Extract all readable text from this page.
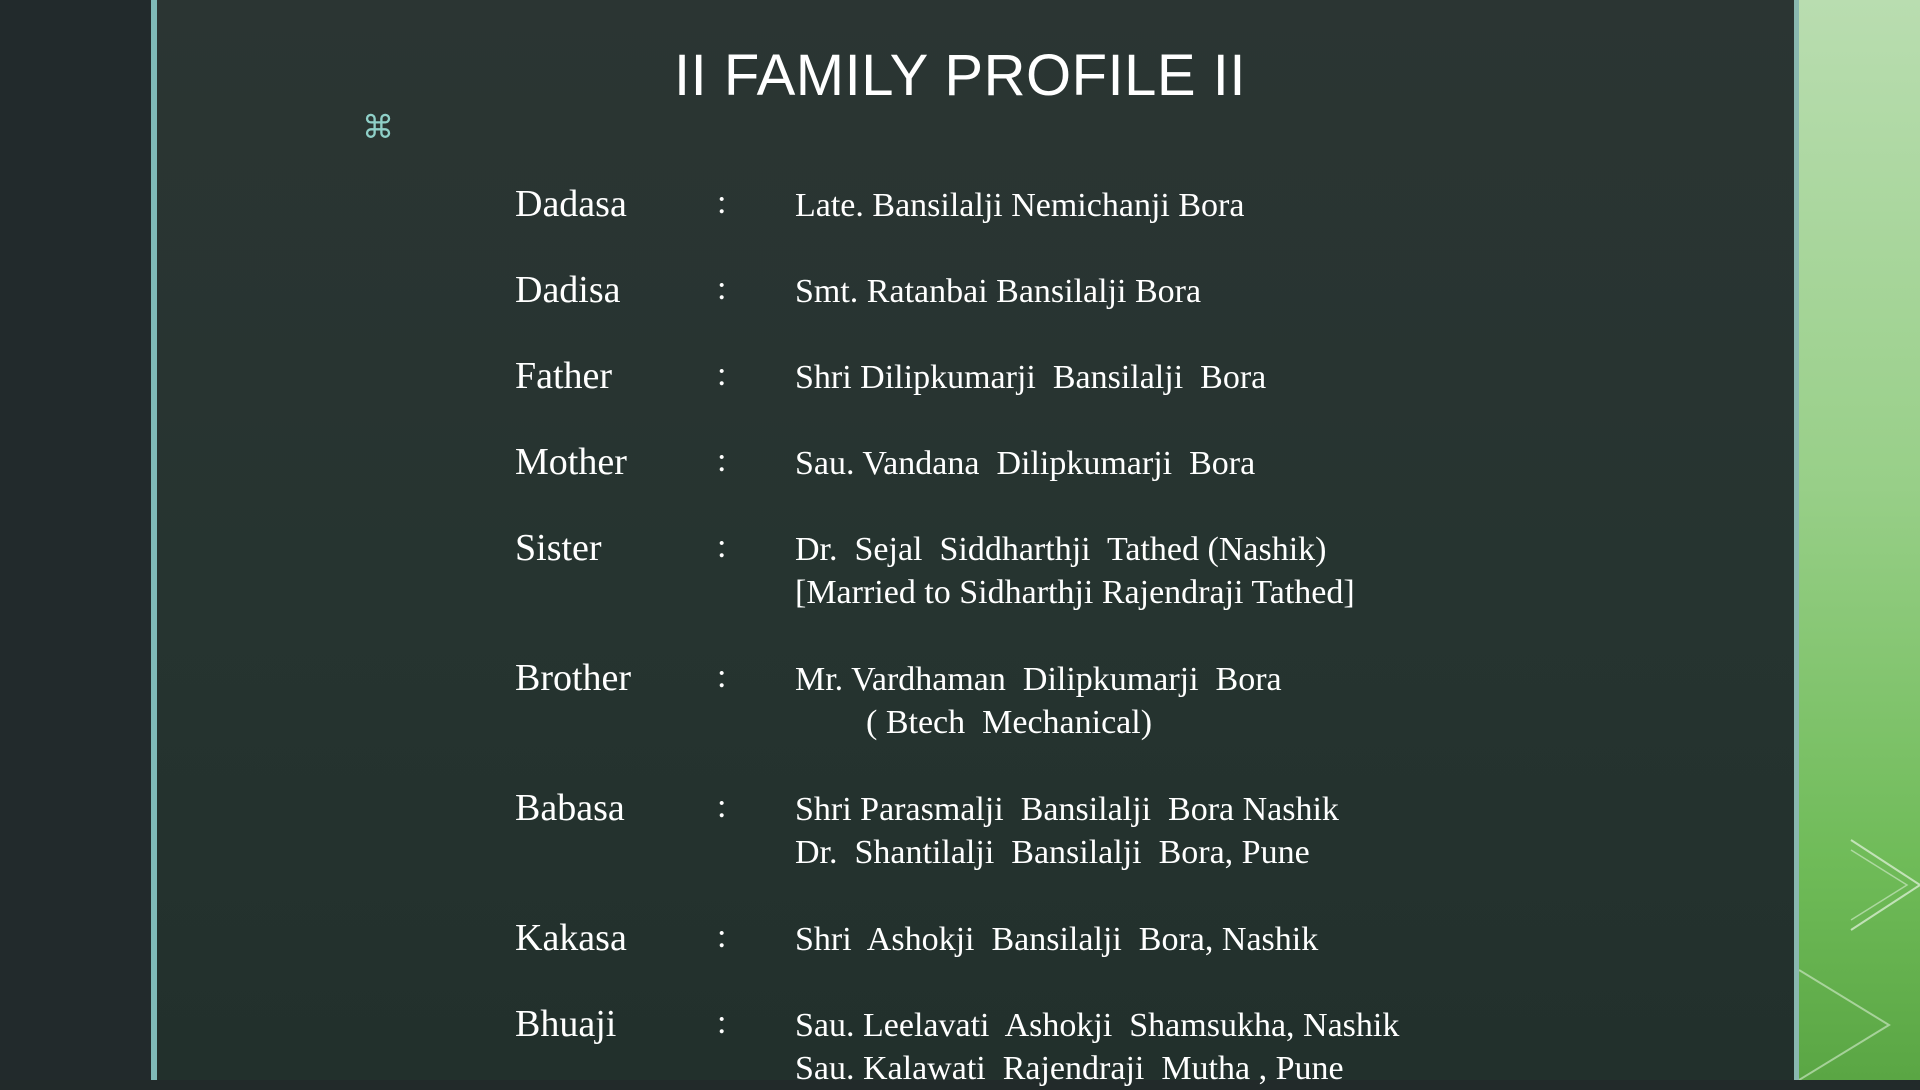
II FAMILY PROFILE II
⌘
Dadasa	: Late. Bansilalji Nemichanji Bora
Dadisa	: Smt. Ratanbai Bansilalji Bora
Father	: Shri Dilipkumarji  Bansilalji  Bora
Mother	: Sau. Vandana  Dilipkumarji  Bora
Sister	: Dr.  Sejal  Siddharthji  Tathed (Nashik)
[Married to Sidharthji Rajendraji Tathed]
Brother	: Mr. Vardhaman  Dilipkumarji  Bora
( Btech  Mechanical)
Babasa	: Shri Parasmalji  Bansilalji  Bora Nashik
Dr.  Shantilalji  Bansilalji  Bora, Pune
Kakasa	: Shri  Ashokji  Bansilalji  Bora, Nashik
Bhuaji	: Sau. Leelavati  Ashokji  Shamsukha, Nashik
Sau. Kalawati  Rajendraji  Mutha , Pune
